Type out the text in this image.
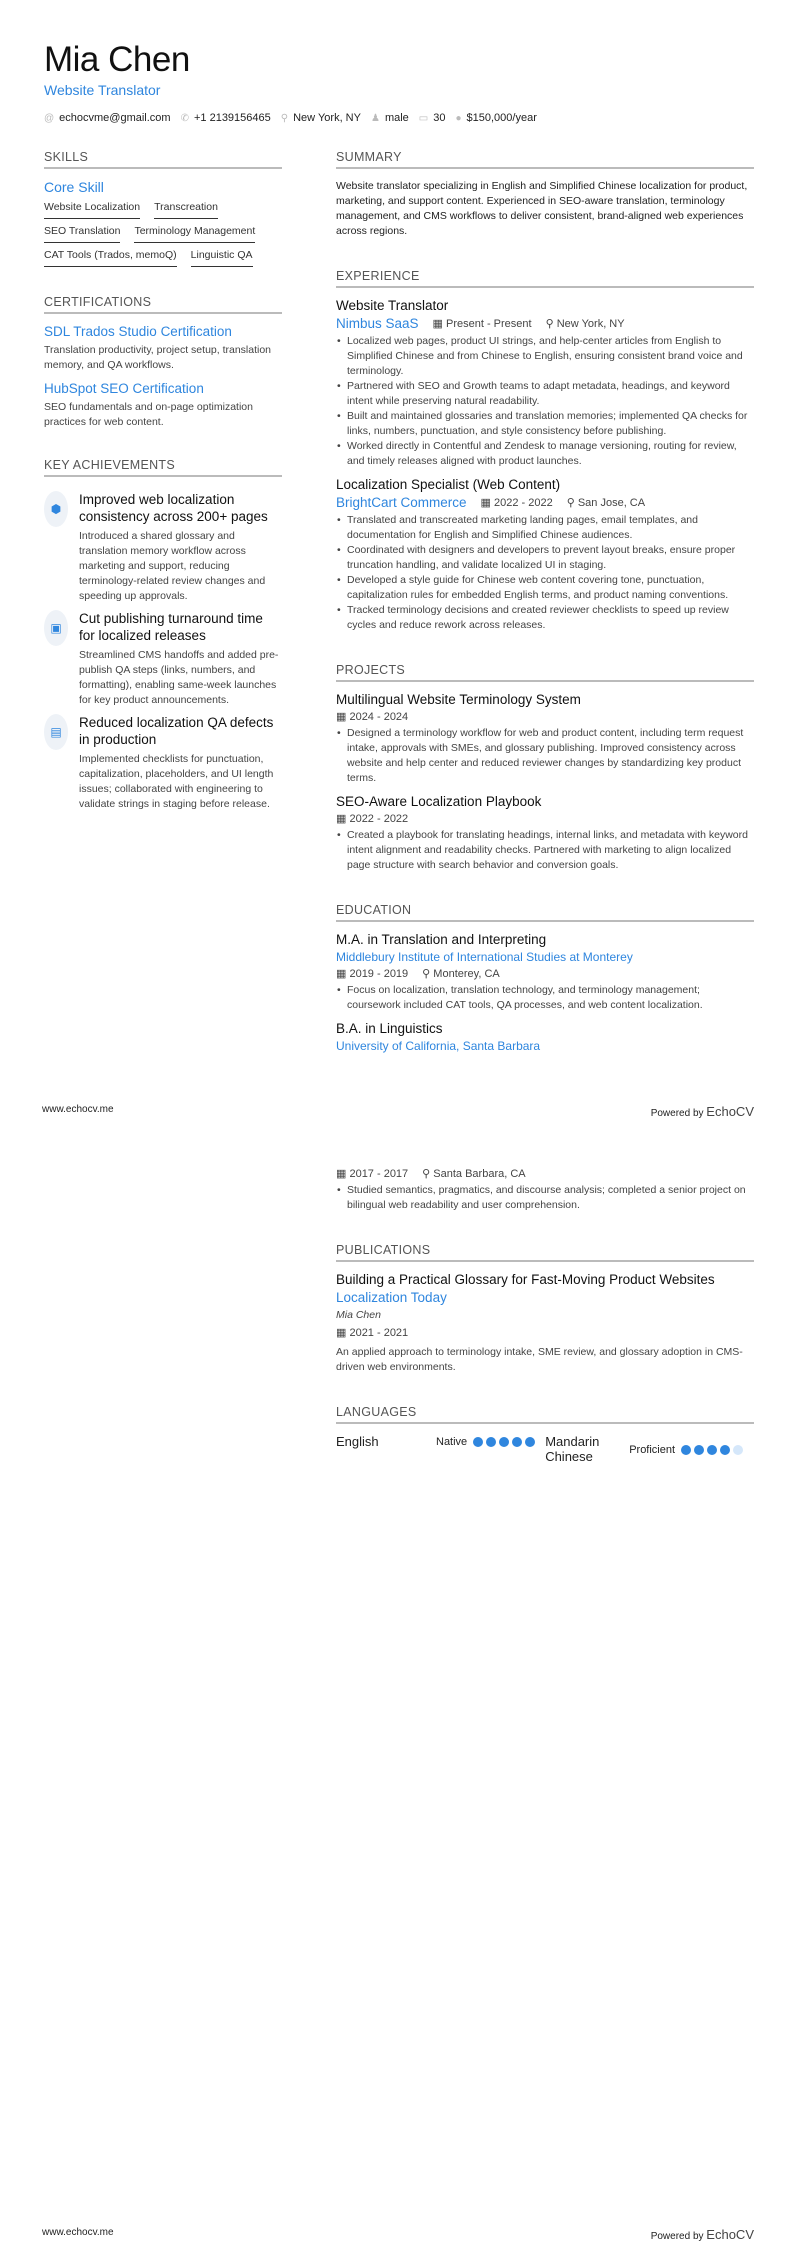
Mia Chen
Website Translator
@ echocvme@gmail.com ✆ +1 2139156465 ⚲ New York, NY ♟ male ▭ 30 ● $150,000/year
SKILLS
Core Skill
Website Localization Transcreation
SEO Translation Terminology Management
CAT Tools (Trados, memoQ) Linguistic QA
CERTIFICATIONS
SDL Trados Studio Certification
Translation productivity, project setup, translation memory, and QA workflows.
HubSpot SEO Certification
SEO fundamentals and on-page optimization practices for web content.
KEY ACHIEVEMENTS
⬢
Improved web localization consistency across 200+ pages
Introduced a shared glossary and translation memory workflow across marketing and support, reducing terminology-related review changes and speeding up approvals.
▣
Cut publishing turnaround time for localized releases
Streamlined CMS handoffs and added pre-publish QA steps (links, numbers, and formatting), enabling same-week launches for key product announcements.
▤
Reduced localization QA defects in production
Implemented checklists for punctuation, capitalization, placeholders, and UI length issues; collaborated with engineering to validate strings in staging before release.
SUMMARY
Website translator specializing in English and Simplified Chinese localization for product, marketing, and support content. Experienced in SEO-aware translation, terminology management, and CMS workflows to deliver consistent, brand-aligned web experiences across regions.
EXPERIENCE
Website Translator
Nimbus SaaS ▦ Present - Present ⚲ New York, NY
• Localized web pages, product UI strings, and help-center articles from English to Simplified Chinese and from Chinese to English, ensuring consistent brand voice and terminology.
• Partnered with SEO and Growth teams to adapt metadata, headings, and keyword intent while preserving natural readability.
• Built and maintained glossaries and translation memories; implemented QA checks for links, numbers, punctuation, and style consistency before publishing.
• Worked directly in Contentful and Zendesk to manage versioning, routing for review, and timely releases aligned with product launches.
Localization Specialist (Web Content)
BrightCart Commerce ▦ 2022 - 2022 ⚲ San Jose, CA
• Translated and transcreated marketing landing pages, email templates, and documentation for English and Simplified Chinese audiences.
• Coordinated with designers and developers to prevent layout breaks, ensure proper truncation handling, and validate localized UI in staging.
• Developed a style guide for Chinese web content covering tone, punctuation, capitalization rules for embedded English terms, and product naming conventions.
• Tracked terminology decisions and created reviewer checklists to speed up review cycles and reduce rework across releases.
PROJECTS
Multilingual Website Terminology System
▦ 2024 - 2024
• Designed a terminology workflow for web and product content, including term request intake, approvals with SMEs, and glossary publishing. Improved consistency across website and help center and reduced reviewer changes by standardizing key product terms.
SEO-Aware Localization Playbook
▦ 2022 - 2022
• Created a playbook for translating headings, internal links, and metadata with keyword intent alignment and readability checks. Partnered with marketing to align localized page structure with search behavior and conversion goals.
EDUCATION
M.A. in Translation and Interpreting
Middlebury Institute of International Studies at Monterey
▦ 2019 - 2019 ⚲ Monterey, CA
• Focus on localization, translation technology, and terminology management; coursework included CAT tools, QA processes, and web content localization.
B.A. in Linguistics
University of California, Santa Barbara
www.echocv.me	Powered by EchoCV
▦ 2017 - 2017 ⚲ Santa Barbara, CA
• Studied semantics, pragmatics, and discourse analysis; completed a senior project on bilingual web readability and user comprehension.
PUBLICATIONS
Building a Practical Glossary for Fast-Moving Product Websites
Localization Today
Mia Chen
▦ 2021 - 2021
An applied approach to terminology intake, SME review, and glossary adoption in CMS-driven web environments.
LANGUAGES
English	Native	Mandarin Chinese	Proficient
www.echocv.me	Powered by EchoCV
